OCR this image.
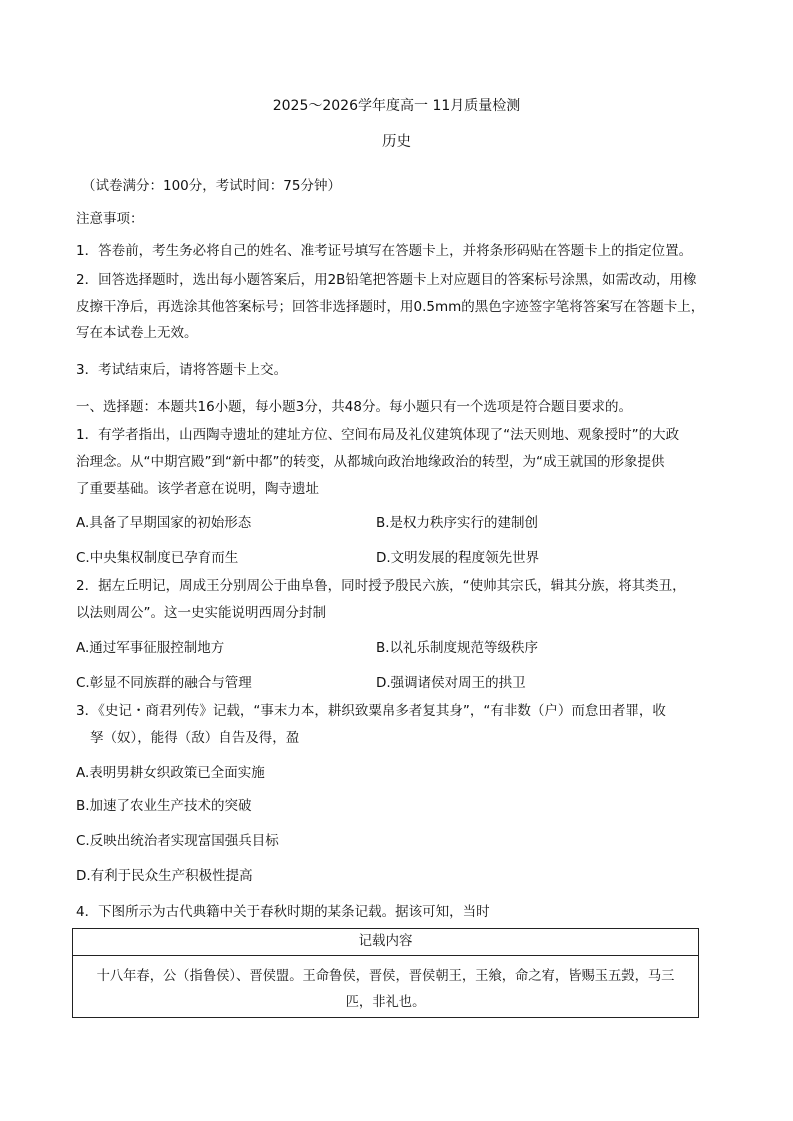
2025～2026学年度高一 11月质量检测
历史
（试卷满分：100分，考试时间：75分钟）
注意事项：
1．答卷前，考生务必将自己的姓名、准考证号填写在答题卡上，并将条形码贴在答题卡上的指定位置。
2．回答选择题时，选出每小题答案后，用2B铅笔把答题卡上对应题目的答案标号涂黑，如需改动，用橡
皮擦干净后，再选涂其他答案标号；回答非选择题时，用0.5mm的黑色字迹签字笔将答案写在答题卡上，
写在本试卷上无效。
3．考试结束后，请将答题卡上交。
一、选择题：本题共16小题，每小题3分，共48分。每小题只有一个选项是符合题目要求的。
1．有学者指出，山西陶寺遗址的建址方位、空间布局及礼仪建筑体现了“法天则地、观象授时”的大政
治理念。从“中期宫殿”到“新中都”的转变，从都城向政治地缘政治的转型，为“成王就国的形象提供
了重要基础。该学者意在说明，陶寺遗址
A.具备了早期国家的初始形态	B.是权力秩序实行的建制创
C.中央集权制度已孕育而生	D.文明发展的程度领先世界
2．据左丘明记，周成王分别周公于曲阜鲁，同时授予殷民六族，“使帅其宗氏，辑其分族，将其类丑，
以法则周公”。这一史实能说明西周分封制
A.通过军事征服控制地方	B.以礼乐制度规范等级秩序
C.彰显不同族群的融合与管理	D.强调诸侯对周王的拱卫
3．《史记・商君列传》记载，“事末力本，耕织致粟帛多者复其身”，“有非数（户）而怠田者罪，收
孥（奴），能得（敌）自告及得，盈
A.表明男耕女织政策已全面实施
B.加速了农业生产技术的突破
C.反映出统治者实现富国强兵目标
D.有利于民众生产积极性提高
4．下图所示为古代典籍中关于春秋时期的某条记载。据该可知，当时
记载内容
十八年春，公（指鲁侯）、晋侯盟。王命鲁侯，晋侯，晋侯朝王，王飨，命之宥，皆赐玉五瑴，马三
匹，非礼也。
